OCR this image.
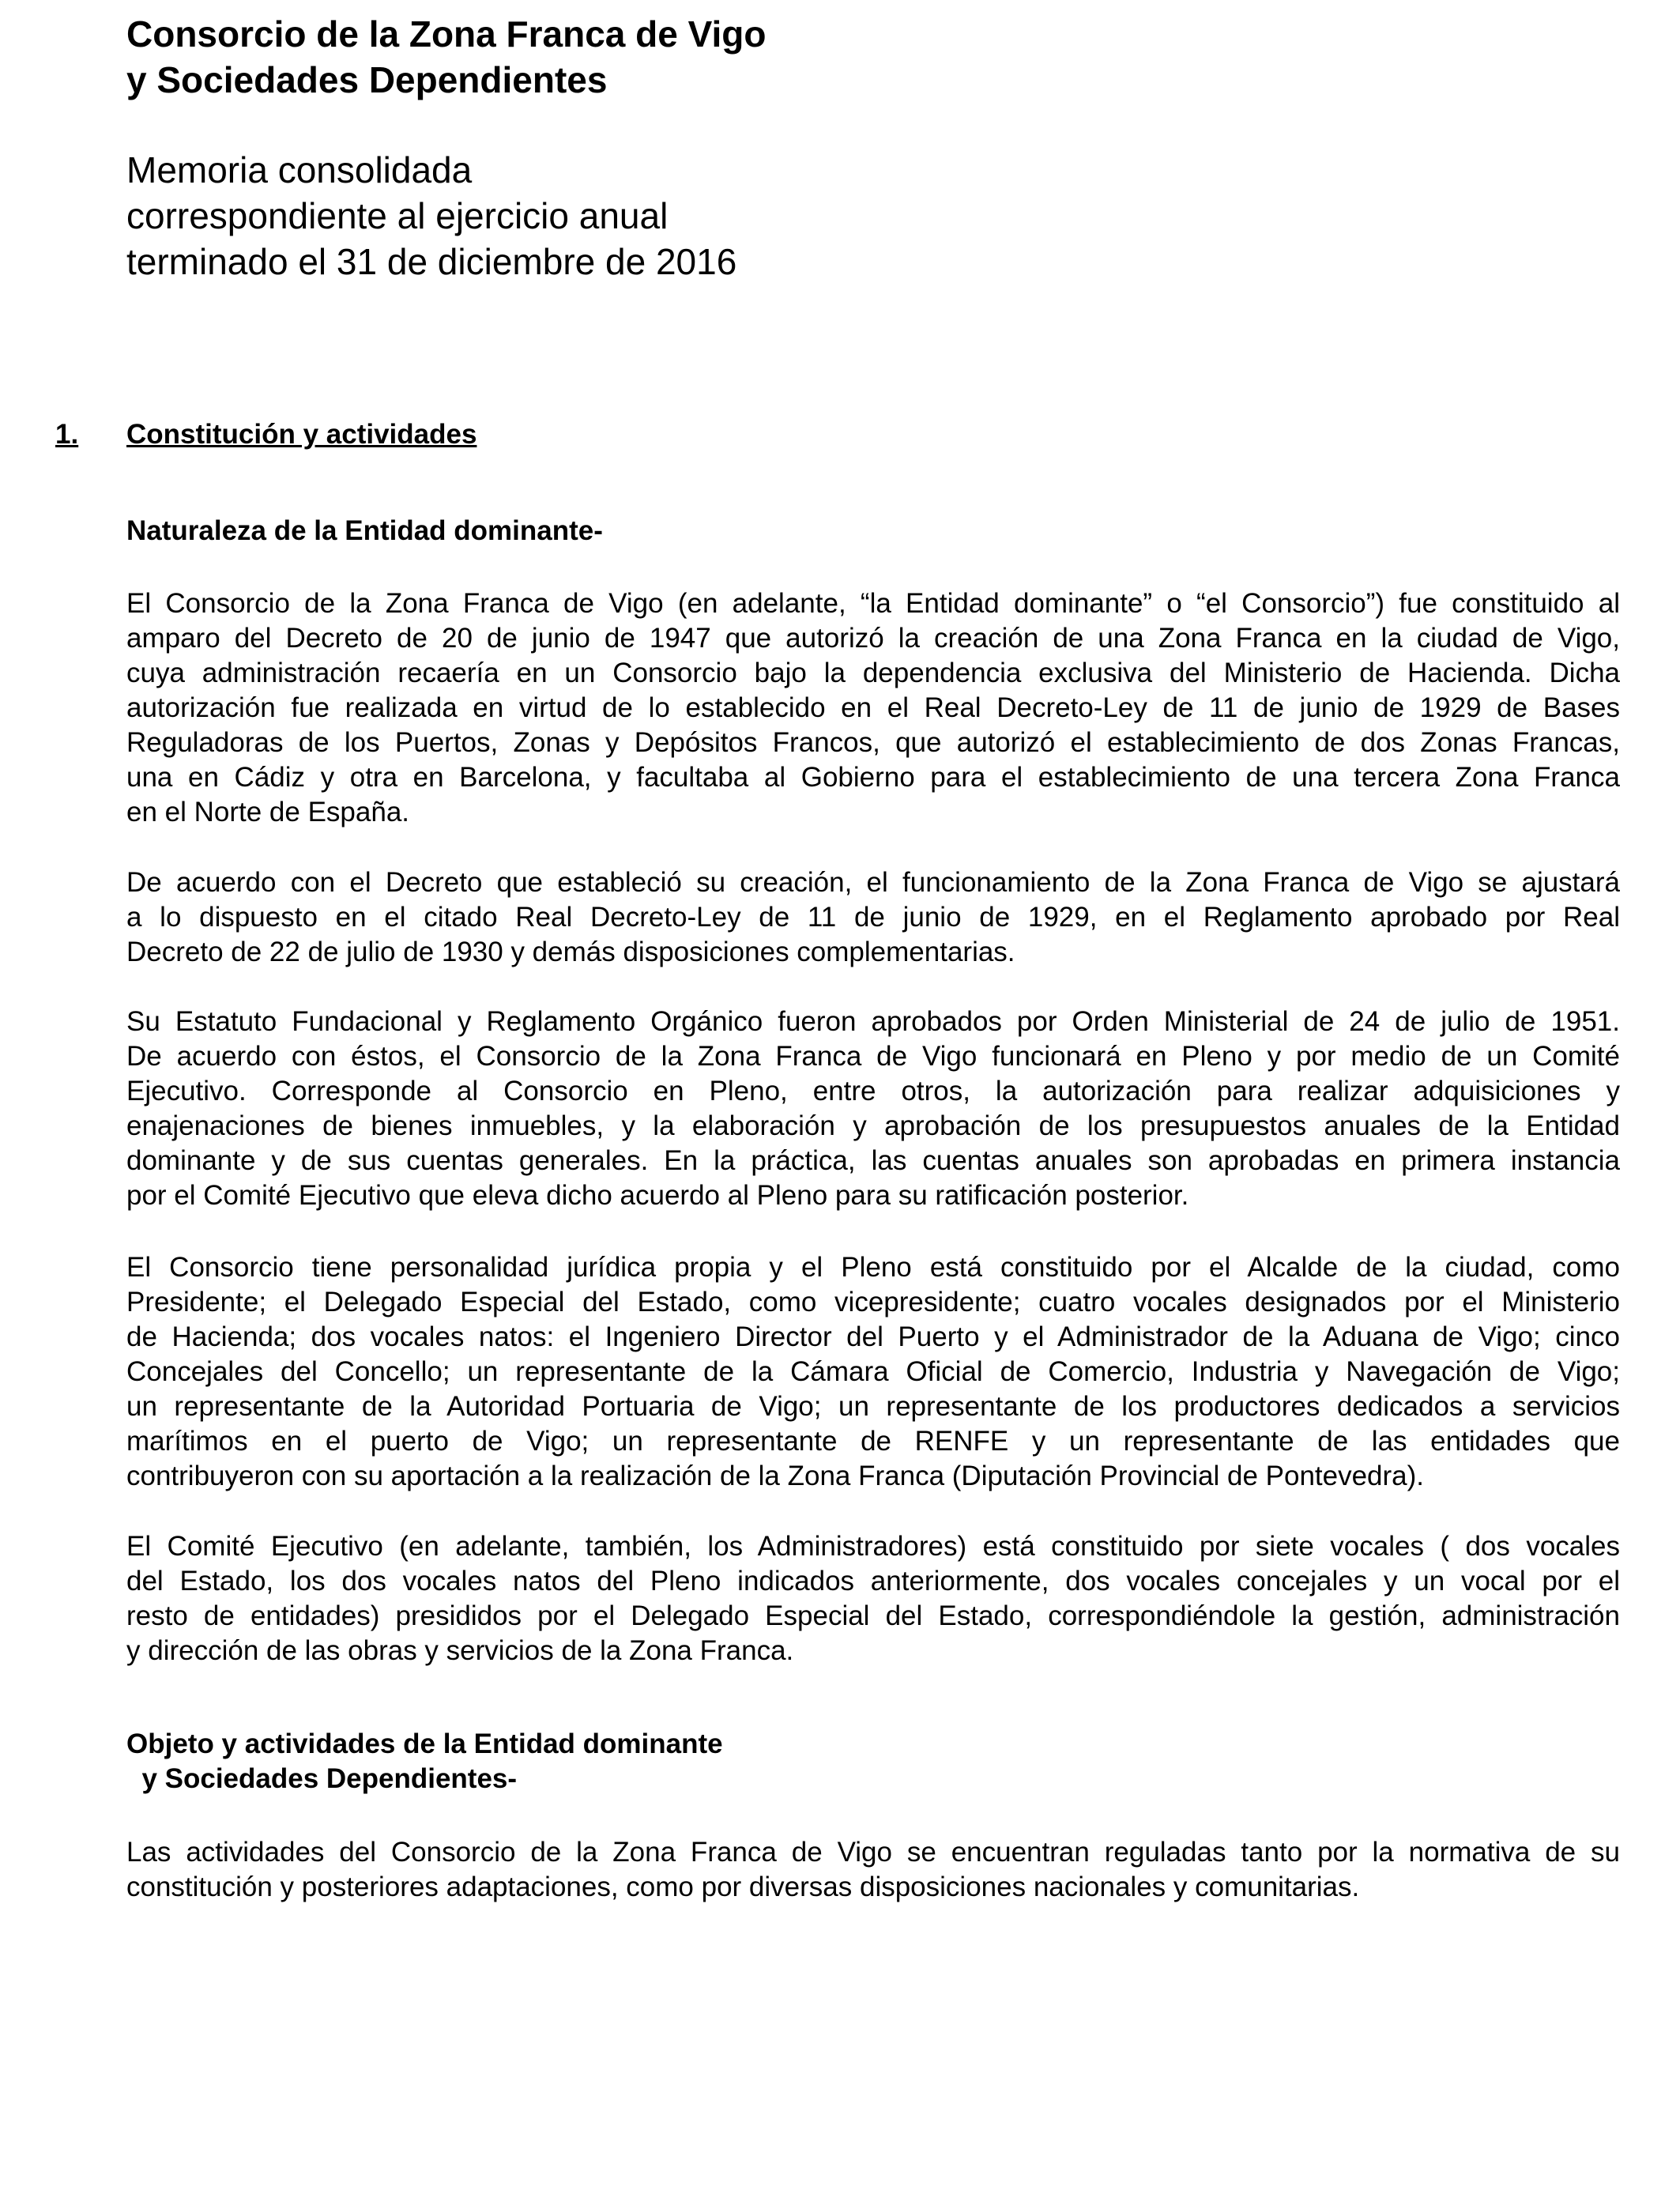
Consorcio de la Zona Franca de Vigo
y Sociedades Dependientes
Memoria consolidada
correspondiente al ejercicio anual
terminado el 31 de diciembre de 2016
1. Constitución y actividades
Naturaleza de la Entidad dominante-
El Consorcio de la Zona Franca de Vigo (en adelante, “la Entidad dominante” o “el Consorcio”) fue constituido al
amparo del Decreto de 20 de junio de 1947 que autorizó la creación de una Zona Franca en la ciudad de Vigo,
cuya administración recaería en un Consorcio bajo la dependencia exclusiva del Ministerio de Hacienda. Dicha
autorización fue realizada en virtud de lo establecido en el Real Decreto-Ley de 11 de junio de 1929 de Bases
Reguladoras de los Puertos, Zonas y Depósitos Francos, que autorizó el establecimiento de dos Zonas Francas,
una en Cádiz y otra en Barcelona, y facultaba al Gobierno para el establecimiento de una tercera Zona Franca
en el Norte de España.
De acuerdo con el Decreto que estableció su creación, el funcionamiento de la Zona Franca de Vigo se ajustará
a lo dispuesto en el citado Real Decreto-Ley de 11 de junio de 1929, en el Reglamento aprobado por Real
Decreto de 22 de julio de 1930 y demás disposiciones complementarias.
Su Estatuto Fundacional y Reglamento Orgánico fueron aprobados por Orden Ministerial de 24 de julio de 1951.
De acuerdo con éstos, el Consorcio de la Zona Franca de Vigo funcionará en Pleno y por medio de un Comité
Ejecutivo. Corresponde al Consorcio en Pleno, entre otros, la autorización para realizar adquisiciones y
enajenaciones de bienes inmuebles, y la elaboración y aprobación de los presupuestos anuales de la Entidad
dominante y de sus cuentas generales. En la práctica, las cuentas anuales son aprobadas en primera instancia
por el Comité Ejecutivo que eleva dicho acuerdo al Pleno para su ratificación posterior.
El Consorcio tiene personalidad jurídica propia y el Pleno está constituido por el Alcalde de la ciudad, como
Presidente; el Delegado Especial del Estado, como vicepresidente; cuatro vocales designados por el Ministerio
de Hacienda; dos vocales natos: el Ingeniero Director del Puerto y el Administrador de la Aduana de Vigo; cinco
Concejales del Concello; un representante de la Cámara Oficial de Comercio, Industria y Navegación de Vigo;
un representante de la Autoridad Portuaria de Vigo; un representante de los productores dedicados a servicios
marítimos en el puerto de Vigo; un representante de RENFE y un representante de las entidades que
contribuyeron con su aportación a la realización de la Zona Franca (Diputación Provincial de Pontevedra).
El Comité Ejecutivo (en adelante, también, los Administradores) está constituido por siete vocales ( dos vocales
del Estado, los dos vocales natos del Pleno indicados anteriormente, dos vocales concejales y un vocal por el
resto de entidades) presididos por el Delegado Especial del Estado, correspondiéndole la gestión, administración
y dirección de las obras y servicios de la Zona Franca.
Objeto y actividades de la Entidad dominante
y Sociedades Dependientes-
Las actividades del Consorcio de la Zona Franca de Vigo se encuentran reguladas tanto por la normativa de su
constitución y posteriores adaptaciones, como por diversas disposiciones nacionales y comunitarias.
